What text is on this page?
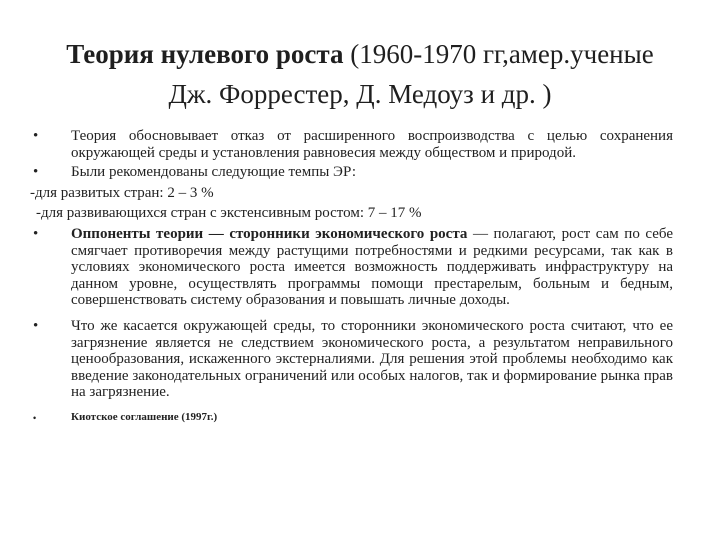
Теория нулевого роста (1960-1970 гг,амер.ученые
Дж. Форрестер, Д. Медоуз и др. )
•	Теория обосновывает отказ от расширенного воспроизводства с целью сохранения окружающей среды и установления равновесия между обществом и природой.
•	Были рекомендованы следующие темпы ЭР:
-для развитых стран: 2 – 3 %
-для развивающихся стран с экстенсивным ростом: 7 – 17 %
•	Оппоненты теории — сторонники экономического роста — полагают, рост сам по себе смягчает противоречия между растущими потребностями и редкими ресурсами, так как в условиях экономического роста имеется возможность поддерживать инфраструктуру на данном уровне, осуществлять программы помощи престарелым, больным и бедным, совершенствовать систему образования и повышать личные доходы.
•	Что же касается окружающей среды, то сторонники экономического роста считают, что ее загрязнение является не следствием экономического роста, а результатом неправильного ценообразования, искаженного экстерналиями. Для решения этой проблемы необходимо как введение законодательных ограничений или особых налогов, так и формирование рынка прав на загрязнение.
•	Киотское соглашение (1997г.)
